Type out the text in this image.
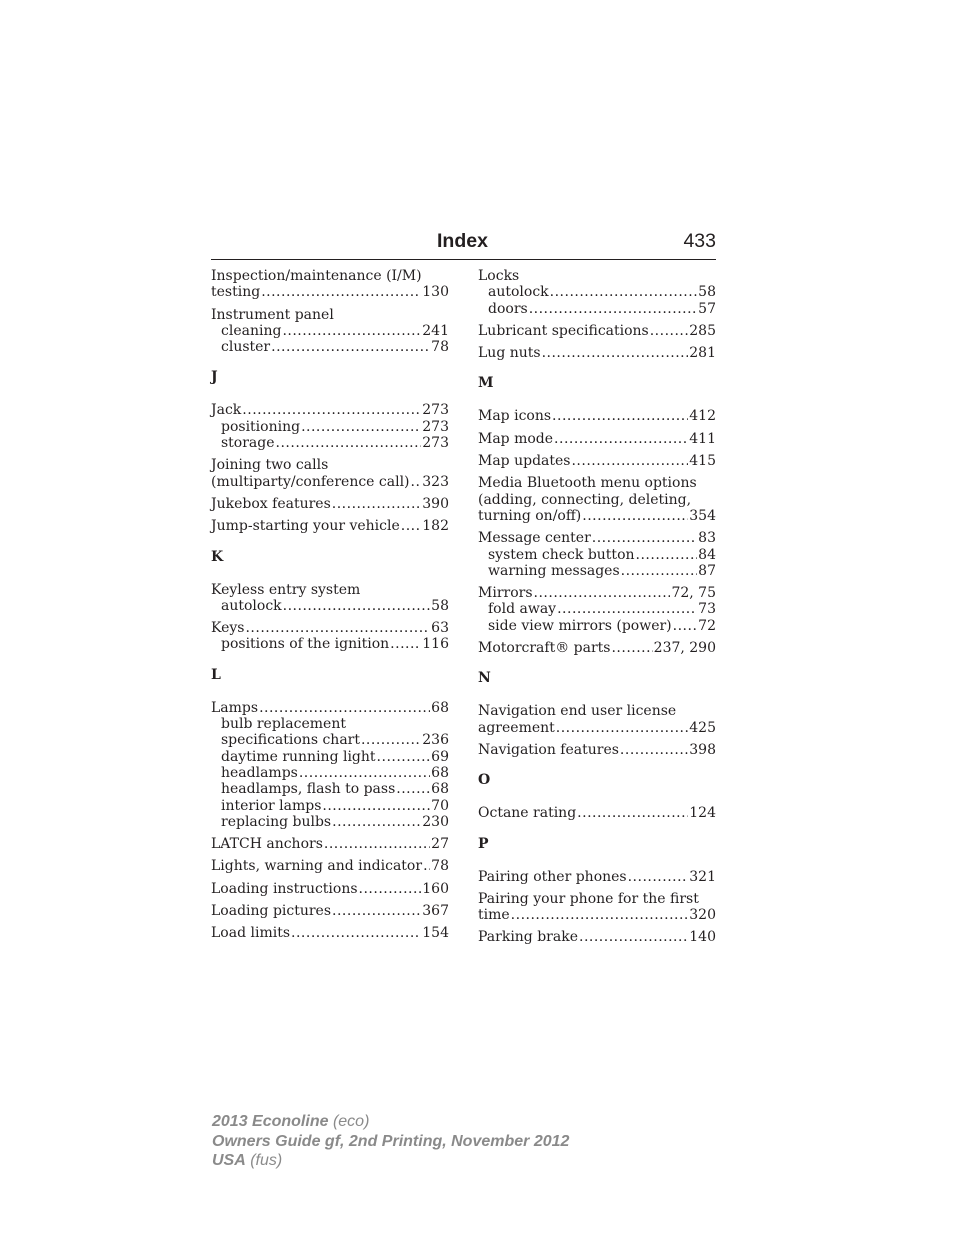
Index	433
Inspection/maintenance (I/M)
testing .....	130
Instrument panel
cleaning .....	241
cluster .....	78
J
Jack .....	273
positioning .....	273
storage .....	273
Joining two calls
(multiparty/conference call) ..... 323
Jukebox features .....	390
Jump-starting your vehicle ..... 182
K
Keyless entry system
autolock .....	58
Keys .....	63
positions of the ignition ..... 116
L
Lamps .....	68
bulb replacement
specifications chart .....	236
daytime running light .....	69
headlamps .....	68
headlamps, flash to pass .....	68
interior lamps .....	70
replacing bulbs .....	230
LATCH anchors .....	27
Lights, warning and indicator ..... 78
Loading instructions .....	160
Loading pictures .....	367
Load limits .....	154
Locks
autolock .....	58
doors .....	57
Lubricant specifications .....	285
Lug nuts .....	281
M
Map icons .....	412
Map mode .....	411
Map updates .....	415
Media Bluetooth menu options
(adding, connecting, deleting,
turning on/off) .....	354
Message center .....	83
system check button .....	84
warning messages .....	87
Mirrors .....	72, 75
fold away .....	73
side view mirrors (power) ..... 72
Motorcraft® parts .....	237, 290
N
Navigation end user license
agreement .....	425
Navigation features .....	398
O
Octane rating .....	124
P
Pairing other phones .....	321
Pairing your phone for the first
time .....	320
Parking brake .....	140
2013 Econoline (eco)
Owners Guide gf, 2nd Printing, November 2012
USA (fus)
